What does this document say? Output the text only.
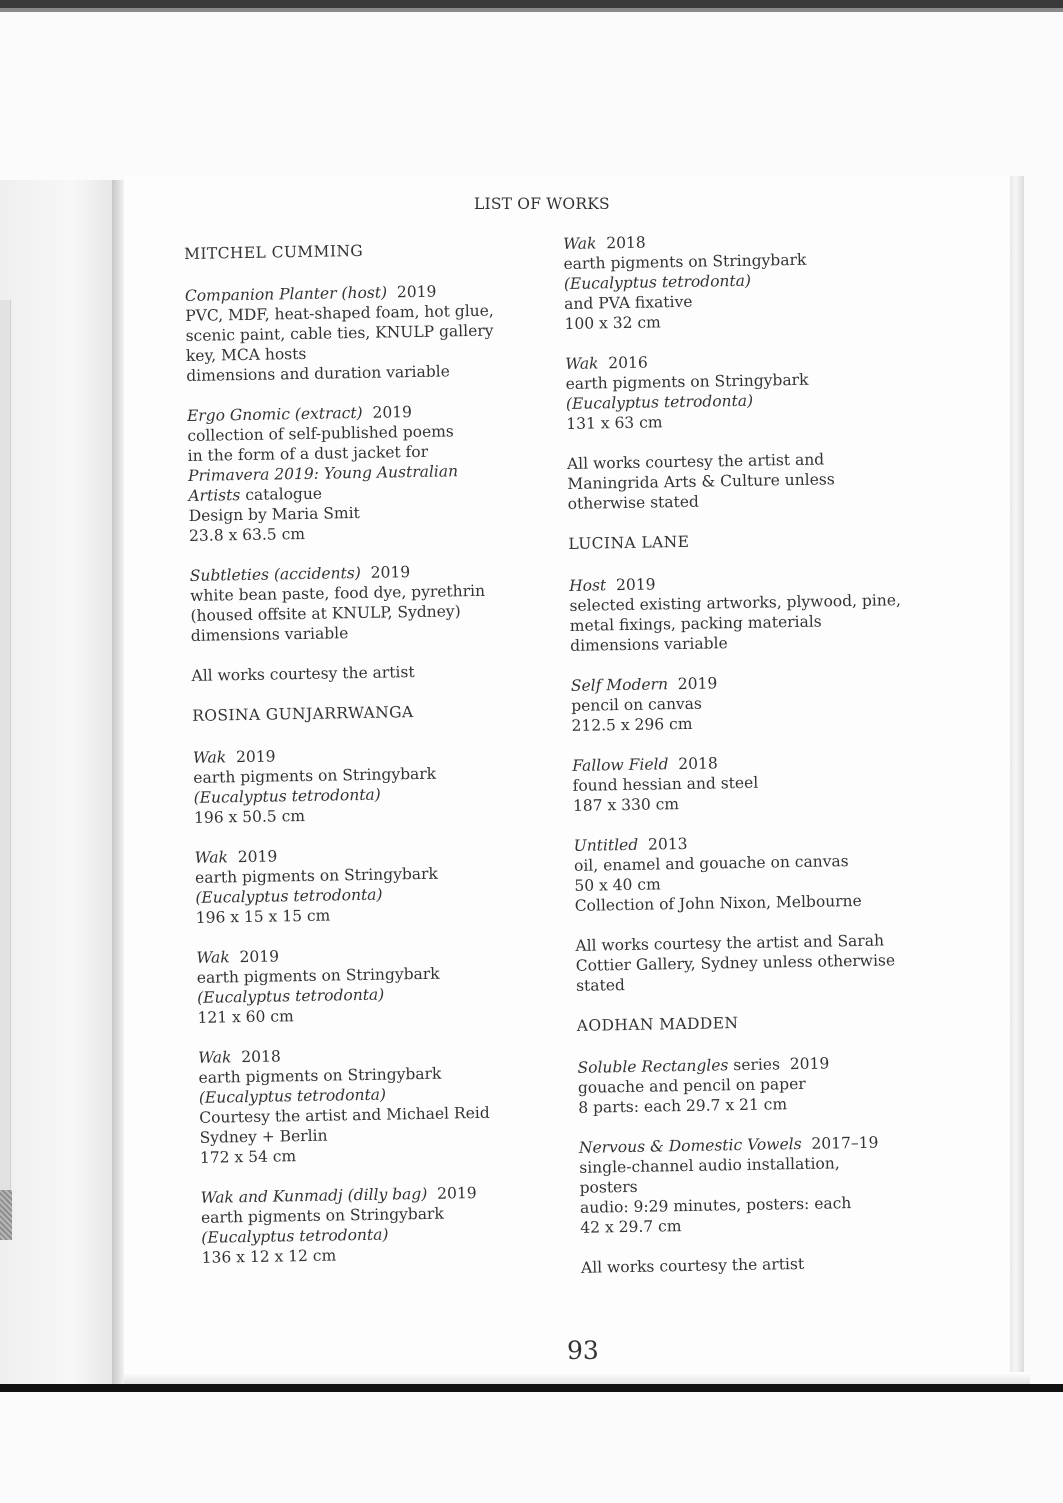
LIST OF WORKS
MITCHEL CUMMING
Companion Planter (host) 2019
PVC, MDF, heat-shaped foam, hot glue,
scenic paint, cable ties, KNULP gallery
key, MCA hosts
dimensions and duration variable
Ergo Gnomic (extract) 2019
collection of self-published poems
in the form of a dust jacket for
Primavera 2019: Young Australian
Artists catalogue
Design by Maria Smit
23.8 x 63.5 cm
Subtleties (accidents) 2019
white bean paste, food dye, pyrethrin
(housed offsite at KNULP, Sydney)
dimensions variable
All works courtesy the artist
ROSINA GUNJARRWANGA
Wak 2019
earth pigments on Stringybark
(Eucalyptus tetrodonta)
196 x 50.5 cm
Wak 2019
earth pigments on Stringybark
(Eucalyptus tetrodonta)
196 x 15 x 15 cm
Wak 2019
earth pigments on Stringybark
(Eucalyptus tetrodonta)
121 x 60 cm
Wak 2018
earth pigments on Stringybark
(Eucalyptus tetrodonta)
Courtesy the artist and Michael Reid
Sydney + Berlin
172 x 54 cm
Wak and Kunmadj (dilly bag) 2019
earth pigments on Stringybark
(Eucalyptus tetrodonta)
136 x 12 x 12 cm
Wak 2018
earth pigments on Stringybark
(Eucalyptus tetrodonta)
and PVA fixative
100 x 32 cm
Wak 2016
earth pigments on Stringybark
(Eucalyptus tetrodonta)
131 x 63 cm
All works courtesy the artist and
Maningrida Arts & Culture unless
otherwise stated
LUCINA LANE
Host 2019
selected existing artworks, plywood, pine,
metal fixings, packing materials
dimensions variable
Self Modern 2019
pencil on canvas
212.5 x 296 cm
Fallow Field 2018
found hessian and steel
187 x 330 cm
Untitled 2013
oil, enamel and gouache on canvas
50 x 40 cm
Collection of John Nixon, Melbourne
All works courtesy the artist and Sarah
Cottier Gallery, Sydney unless otherwise
stated
AODHAN MADDEN
Soluble Rectangles series 2019
gouache and pencil on paper
8 parts: each 29.7 x 21 cm
Nervous & Domestic Vowels 2017–19
single-channel audio installation,
posters
audio: 9:29 minutes, posters: each
42 x 29.7 cm
All works courtesy the artist
93
